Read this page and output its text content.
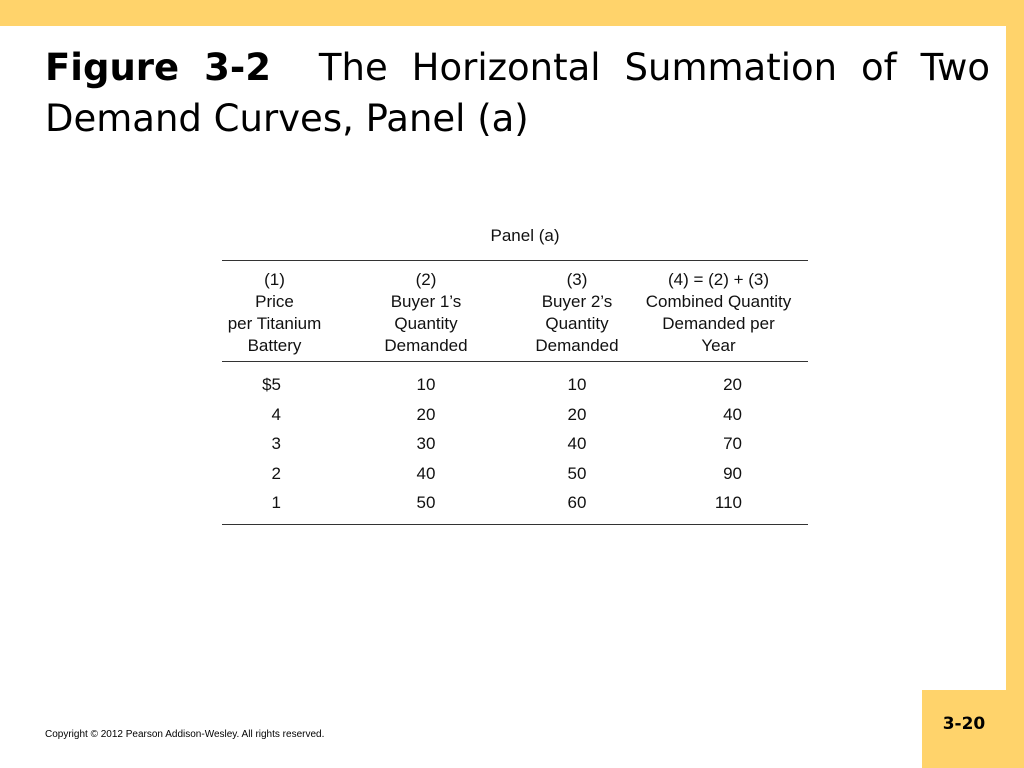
Figure 3-2 The Horizontal Summation of Two Demand Curves, Panel (a)
Panel (a)
(1)
Price
per Titanium
Battery	(2)
Buyer 1’s
Quantity
Demanded	(3)
Buyer 2’s
Quantity
Demanded	(4) = (2) + (3)
Combined Quantity
Demanded per
Year

$5	10	10	20
4	20	20	40
3	30	40	70
2	40	50	90
1	50	60	110
Copyright © 2012 Pearson Addison-Wesley. All rights reserved.
3-20
